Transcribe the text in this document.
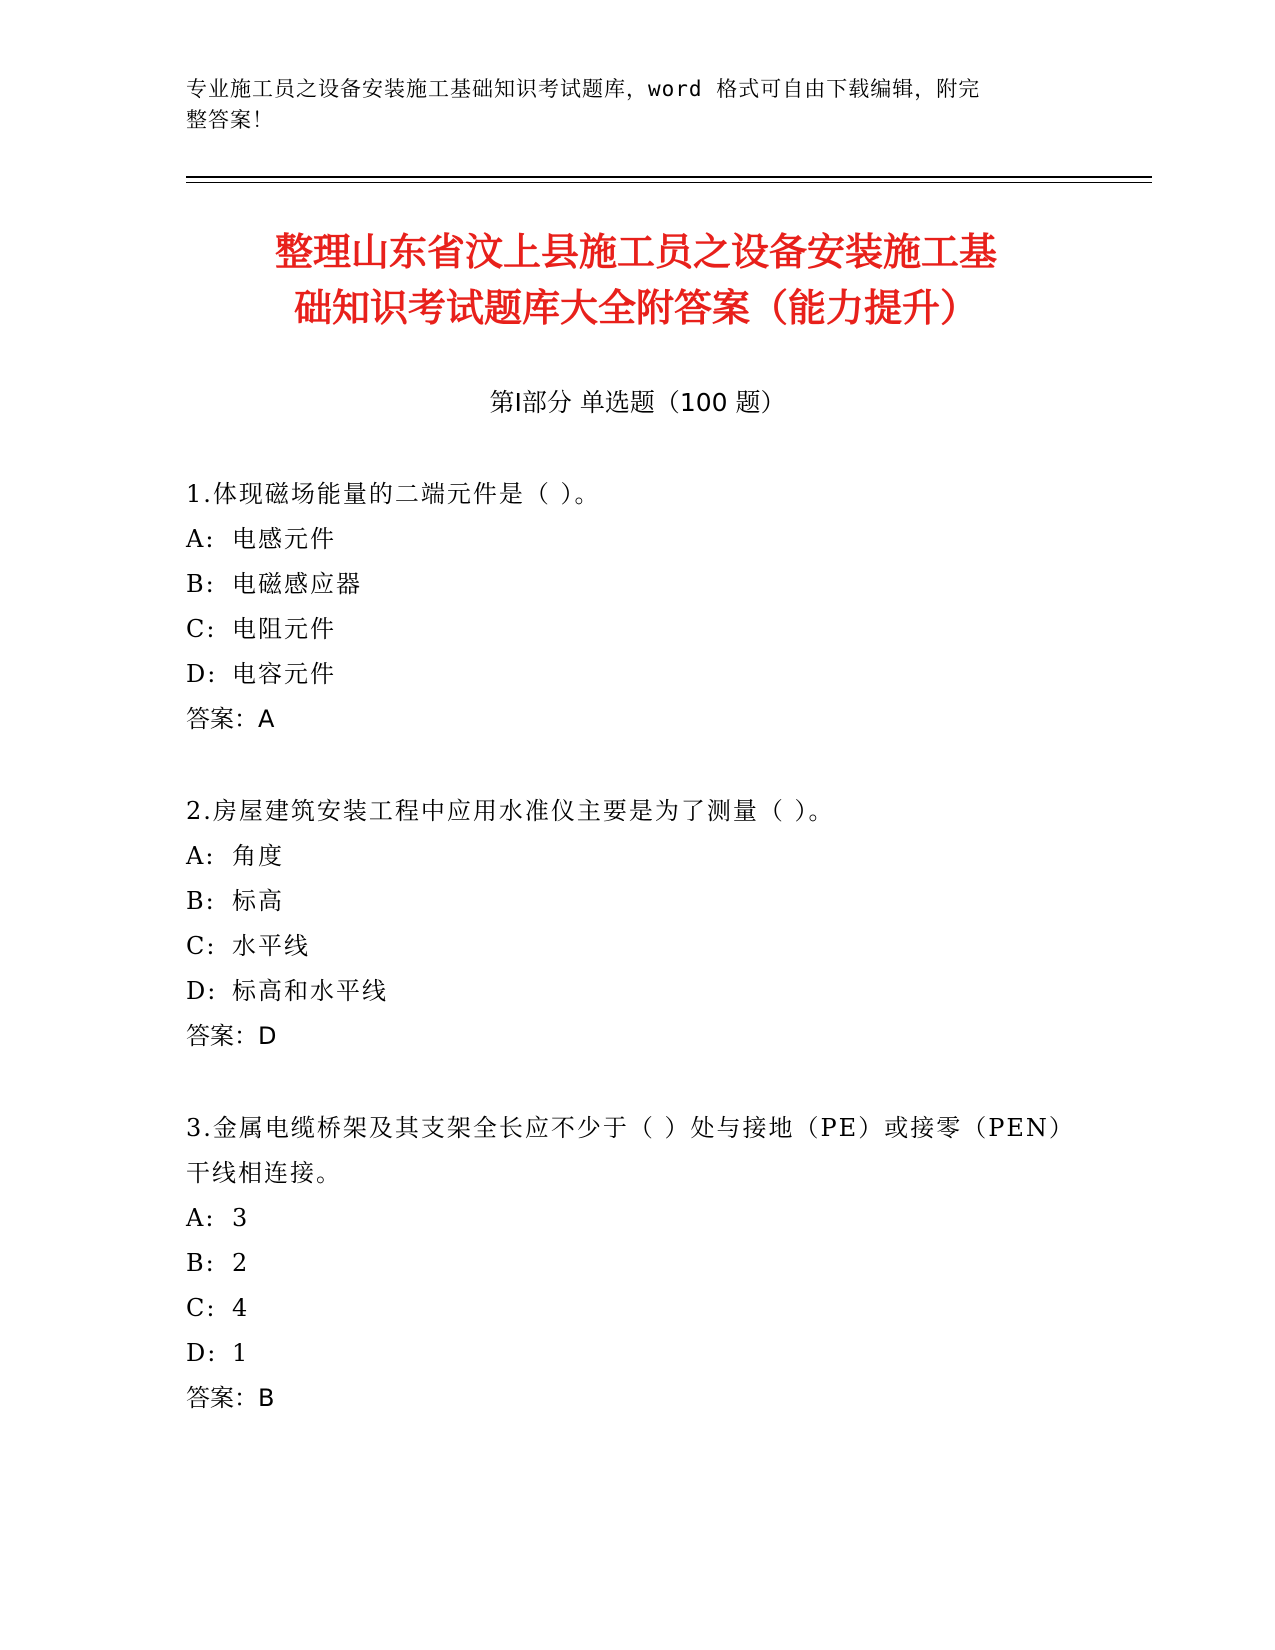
专业施工员之设备安装施工基础知识考试题库，word 格式可自由下载编辑，附完
整答案！
整理山东省汶上县施工员之设备安装施工基
础知识考试题库大全附答案（能力提升）
第Ⅰ部分 单选题（100 题）
1.体现磁场能量的二端元件是（ ）。
A: 电感元件
B: 电磁感应器
C: 电阻元件
D: 电容元件
答案：A
2.房屋建筑安装工程中应用水准仪主要是为了测量（ ）。
A: 角度
B: 标高
C: 水平线
D: 标高和水平线
答案：D
3.金属电缆桥架及其支架全长应不少于（ ）处与接地（PE）或接零（PEN）干线相连接。
A: 3
B: 2
C: 4
D: 1
答案：B
